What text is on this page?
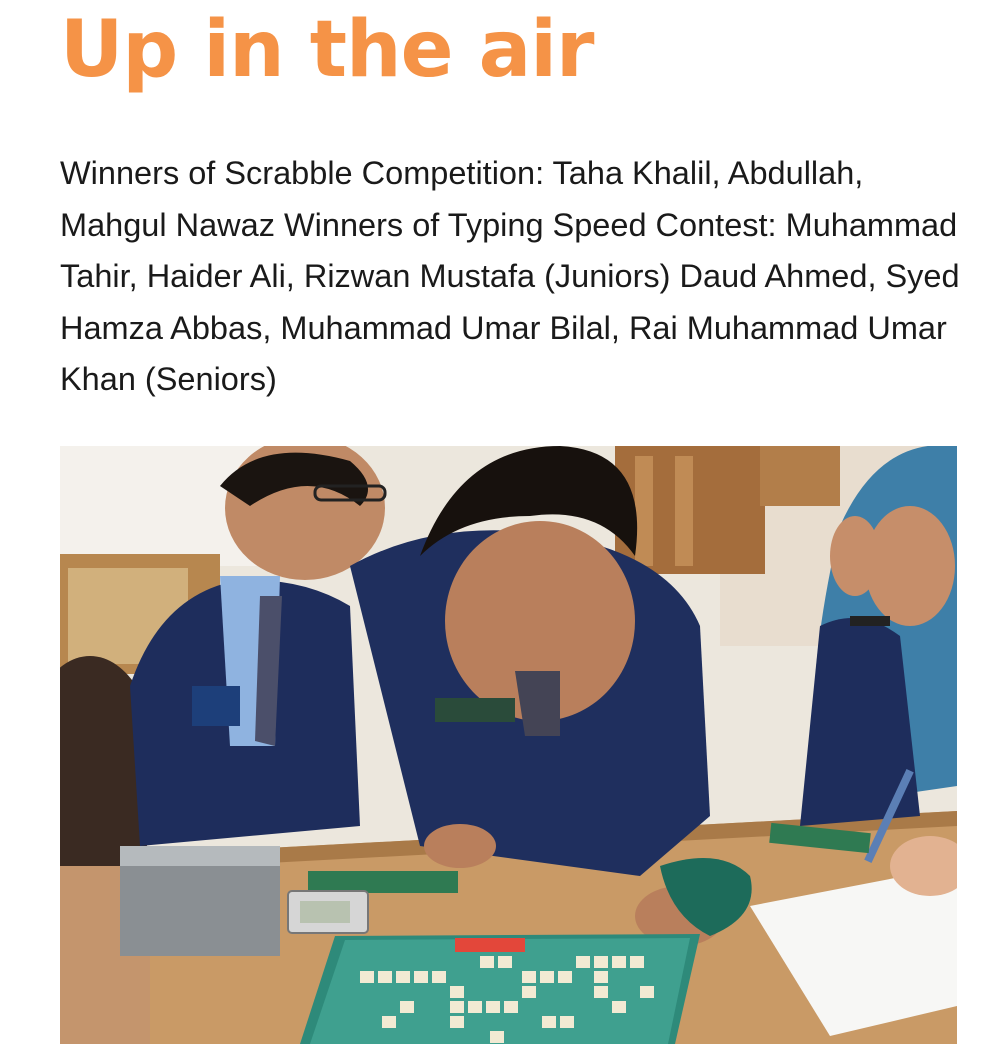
Up in the air

Winners of Scrabble Competition: Taha Khalil, Abdullah, Mahgul Nawaz Winners of Typing Speed Contest: Muhammad Tahir, Haider Ali, Rizwan Mustafa (Juniors) Daud Ahmed, Syed Hamza Abbas, Muhammad Umar Bilal, Rai Muhammad Umar Khan (Seniors)
